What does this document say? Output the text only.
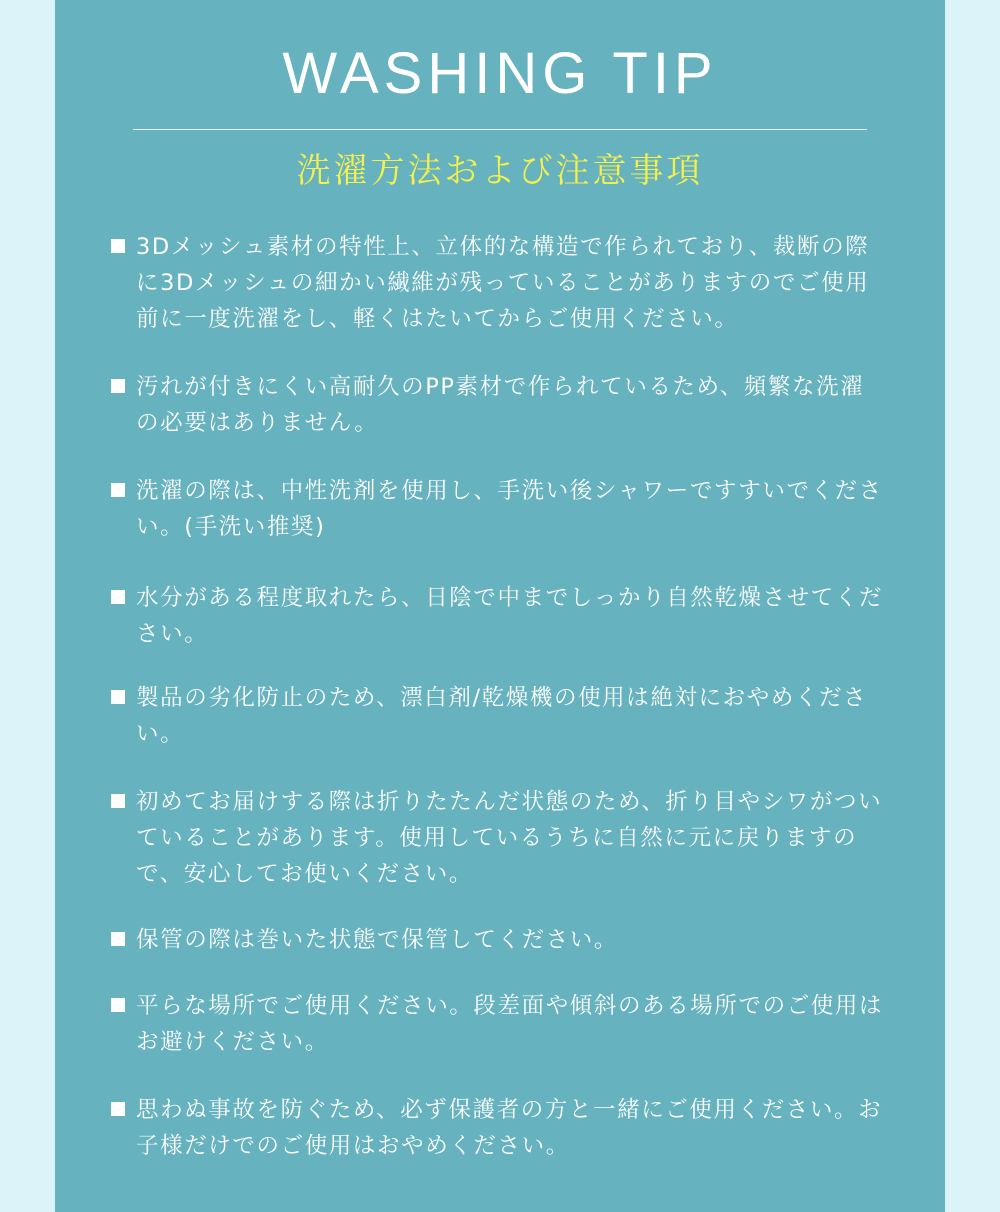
WASHING TIP
洗濯方法および注意事項
3Dメッシュ素材の特性上、立体的な構造で作られており、裁断の際に3Dメッシュの細かい繊維が残っていることがありますのでご使用前に一度洗濯をし、軽くはたいてからご使用ください。
汚れが付きにくい高耐久のPP素材で作られているため、頻繁な洗濯の必要はありません。
洗濯の際は、中性洗剤を使用し、手洗い後シャワーですすいでください。(手洗い推奨)
水分がある程度取れたら、日陰で中までしっかり自然乾燥させてください。
製品の劣化防止のため、漂白剤/乾燥機の使用は絶対におやめください。
初めてお届けする際は折りたたんだ状態のため、折り目やシワがついていることがあります。使用しているうちに自然に元に戻りますので、安心してお使いください。
保管の際は巻いた状態で保管してください。
平らな場所でご使用ください。段差面や傾斜のある場所でのご使用はお避けください。
思わぬ事故を防ぐため、必ず保護者の方と一緒にご使用ください。お子様だけでのご使用はおやめください。
